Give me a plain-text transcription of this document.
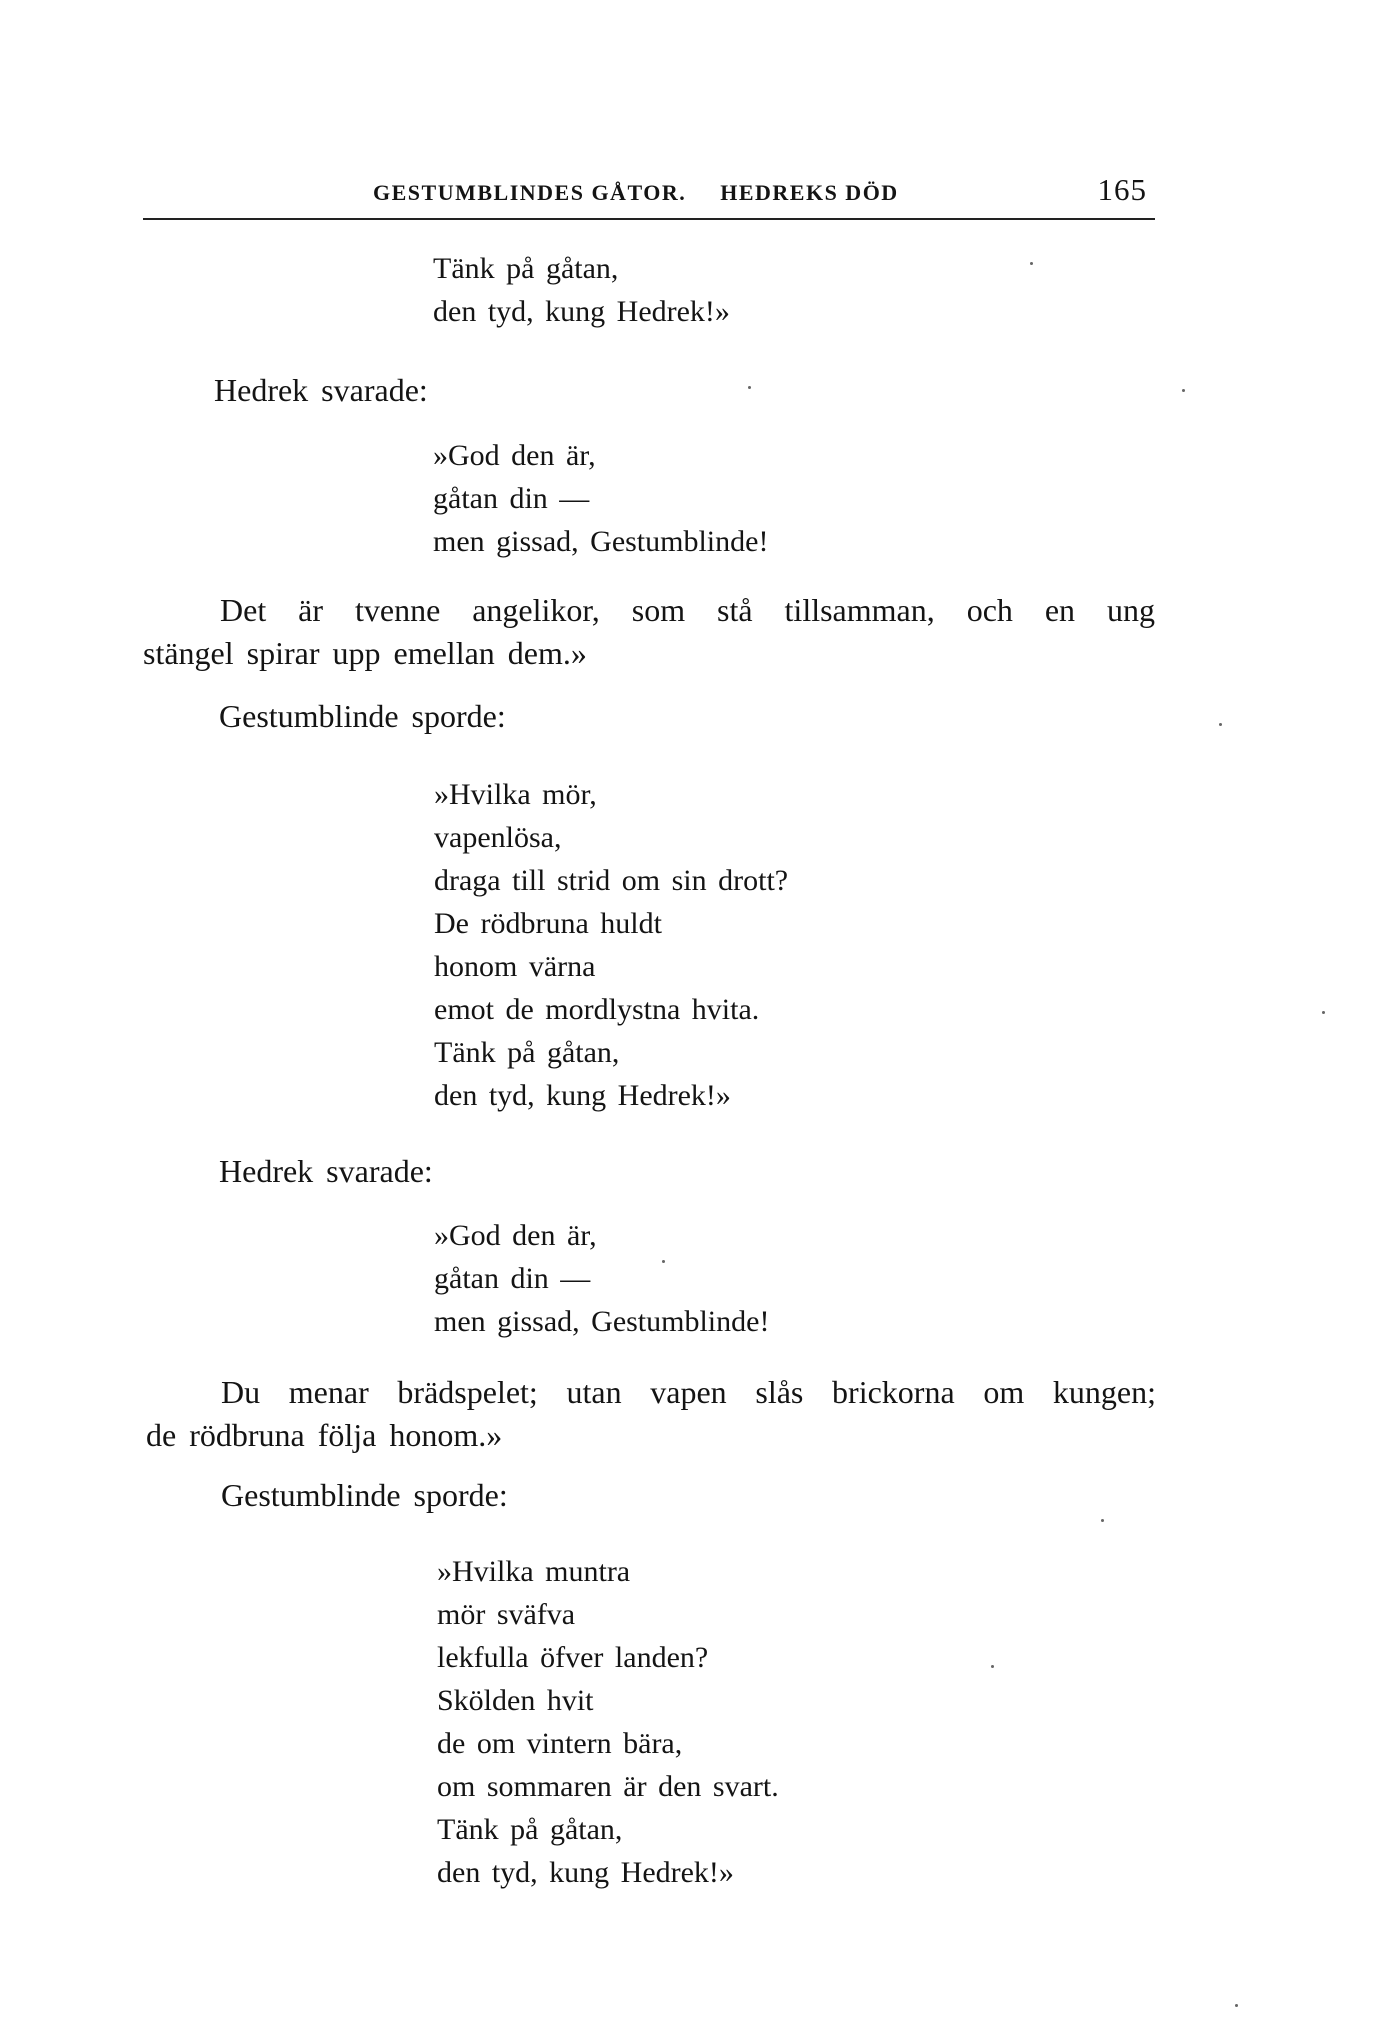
GESTUMBLINDES GÅTOR. HEDREKS DÖD	165
Tänk på gåtan,
den tyd, kung Hedrek!»
Hedrek svarade:
»God den är,
gåtan din —
men gissad, Gestumblinde!
Det är tvenne angelikor, som stå tillsamman, och en ung
stängel spirar upp emellan dem.»
Gestumblinde sporde:
»Hvilka mör,
vapenlösa,
draga till strid om sin drott?
De rödbruna huldt
honom värna
emot de mordlystna hvita.
Tänk på gåtan,
den tyd, kung Hedrek!»
Hedrek svarade:
»God den är,
gåtan din —
men gissad, Gestumblinde!
Du menar brädspelet; utan vapen slås brickorna om kungen;
de rödbruna följa honom.»
Gestumblinde sporde:
»Hvilka muntra
mör sväfva
lekfulla öfver landen?
Skölden hvit
de om vintern bära,
om sommaren är den svart.
Tänk på gåtan,
den tyd, kung Hedrek!»
